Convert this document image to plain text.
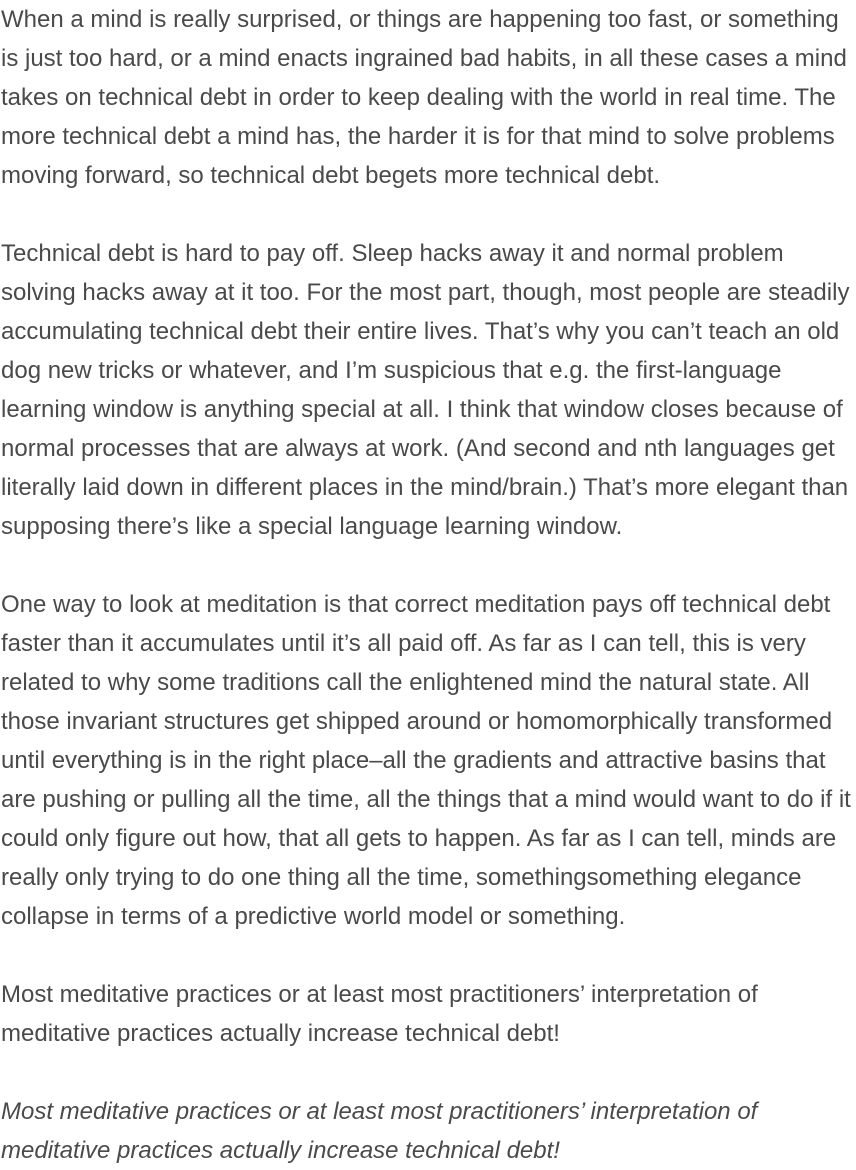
When a mind is really surprised, or things are happening too fast, or something is just too hard, or a mind enacts ingrained bad habits, in all these cases a mind takes on technical debt in order to keep dealing with the world in real time. The more technical debt a mind has, the harder it is for that mind to solve problems moving forward, so technical debt begets more technical debt.

Technical debt is hard to pay off. Sleep hacks away it and normal problem solving hacks away at it too. For the most part, though, most people are steadily accumulating technical debt their entire lives. That’s why you can’t teach an old dog new tricks or whatever, and I’m suspicious that e.g. the first-language learning window is anything special at all. I think that window closes because of normal processes that are always at work. (And second and nth languages get literally laid down in different places in the mind/brain.) That’s more elegant than supposing there’s like a special language learning window.

One way to look at meditation is that correct meditation pays off technical debt faster than it accumulates until it’s all paid off. As far as I can tell, this is very related to why some traditions call the enlightened mind the natural state. All those invariant structures get shipped around or homomorphically transformed until everything is in the right place–all the gradients and attractive basins that are pushing or pulling all the time, all the things that a mind would want to do if it could only figure out how, that all gets to happen. As far as I can tell, minds are really only trying to do one thing all the time, somethingsomething elegance collapse in terms of a predictive world model or something.

Most meditative practices or at least most practitioners’ interpretation of meditative practices actually increase technical debt!

Most meditative practices or at least most practitioners’ interpretation of meditative practices actually increase technical debt!
